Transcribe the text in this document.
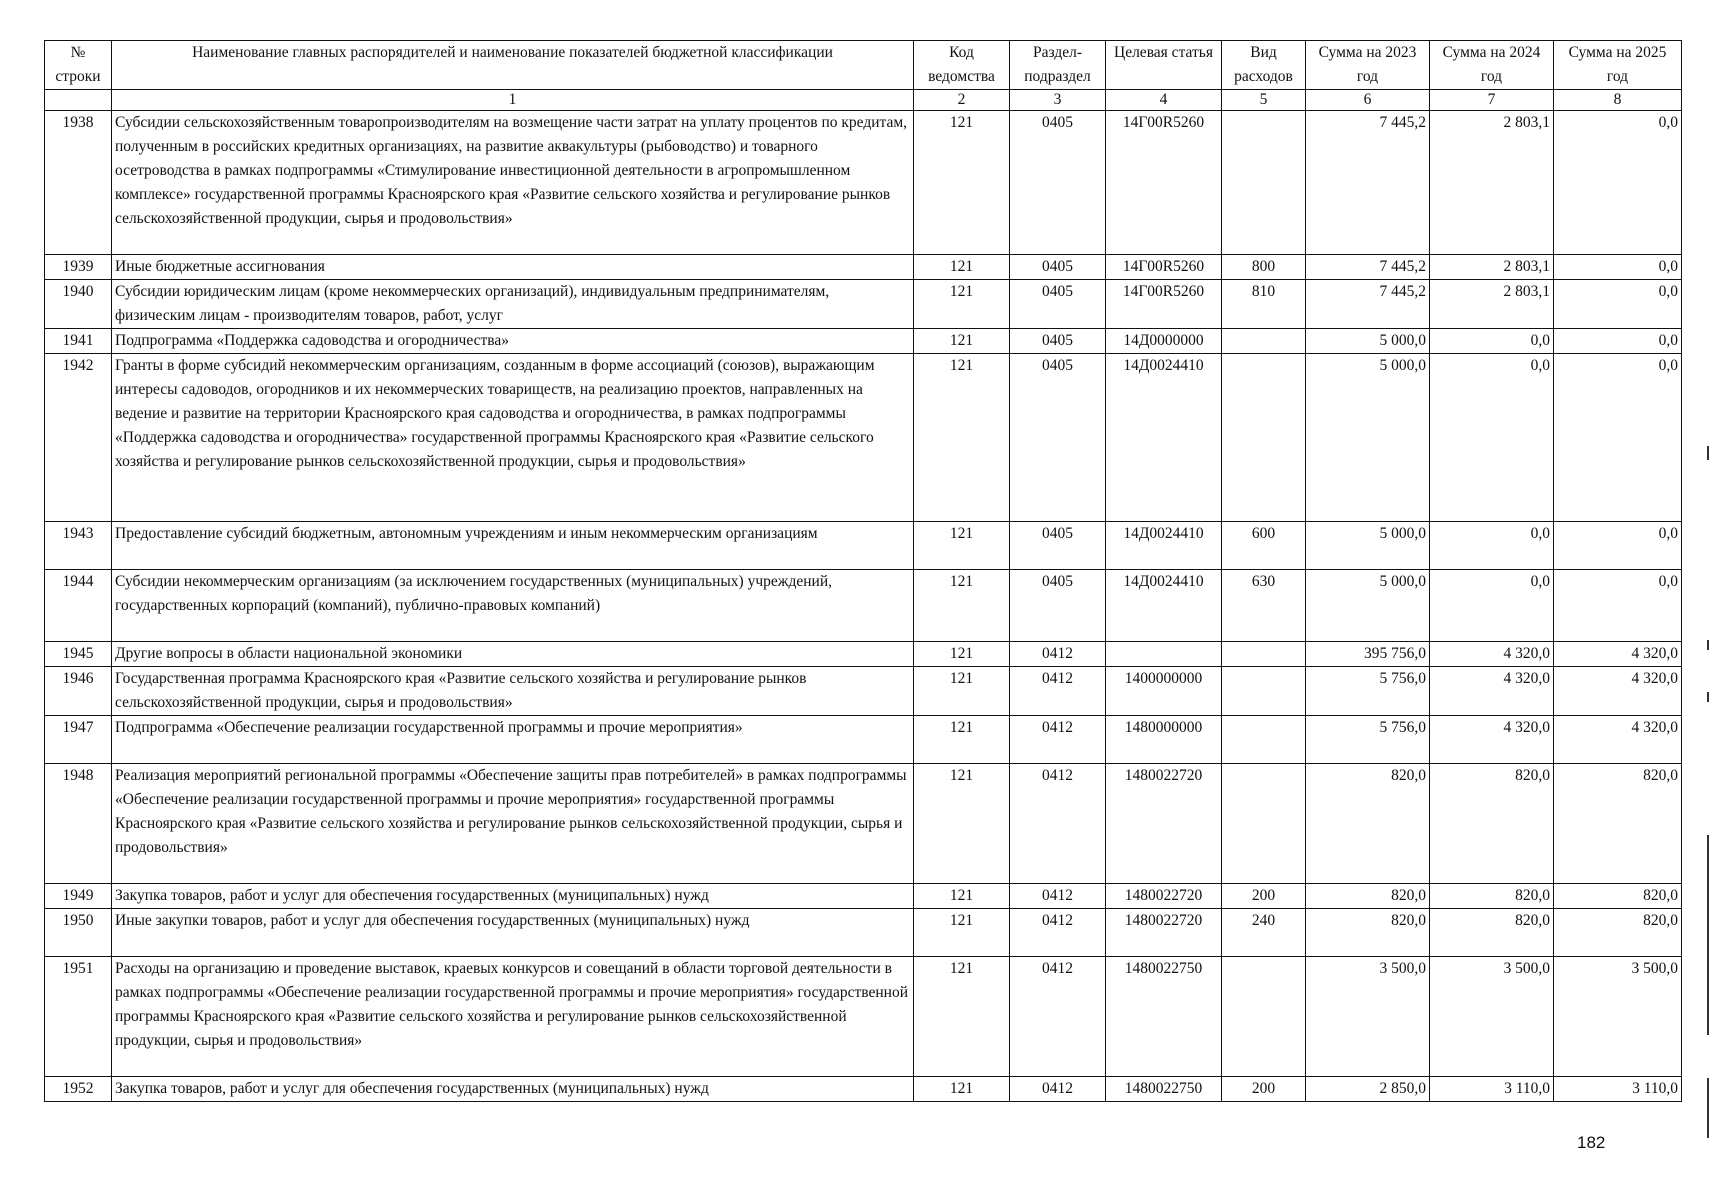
№ строки	Наименование главных распорядителей и наименование показателей бюджетной классификации	Код ведомства	Раздел-подраздел	Целевая статья	Вид расходов	Сумма на 2023 год	Сумма на 2024 год	Сумма на 2025 год
	1	2	3	4	5	6	7	8
1938	Субсидии сельскохозяйственным товаропроизводителям на возмещение части затрат на уплату процентов по кредитам, полученным в российских кредитных организациях, на развитие аквакультуры (рыбоводство) и товарного осетроводства в рамках подпрограммы «Стимулирование инвестиционной деятельности в агропромышленном комплексе» государственной программы Красноярского края «Развитие сельского хозяйства и регулирование рынков сельскохозяйственной продукции, сырья и продовольствия»	121	0405	14Г00R5260		7 445,2	2 803,1	0,0
1939	Иные бюджетные ассигнования	121	0405	14Г00R5260	800	7 445,2	2 803,1	0,0
1940	Субсидии юридическим лицам (кроме некоммерческих организаций), индивидуальным предпринимателям, физическим лицам - производителям товаров, работ, услуг	121	0405	14Г00R5260	810	7 445,2	2 803,1	0,0
1941	Подпрограмма «Поддержка садоводства и огородничества»	121	0405	14Д0000000		5 000,0	0,0	0,0
1942	Гранты в форме субсидий некоммерческим организациям, созданным в форме ассоциаций (союзов), выражающим интересы садоводов, огородников и их некоммерческих товариществ, на реализацию проектов, направленных на ведение и развитие на территории Красноярского края садоводства и огородничества, в рамках подпрограммы «Поддержка садоводства и огородничества» государственной программы Красноярского края «Развитие сельского хозяйства и регулирование рынков сельскохозяйственной продукции, сырья и продовольствия»	121	0405	14Д0024410		5 000,0	0,0	0,0
1943	Предоставление субсидий бюджетным, автономным учреждениям и иным некоммерческим организациям	121	0405	14Д0024410	600	5 000,0	0,0	0,0
1944	Субсидии некоммерческим организациям (за исключением государственных (муниципальных) учреждений, государственных корпораций (компаний), публично-правовых компаний)	121	0405	14Д0024410	630	5 000,0	0,0	0,0
1945	Другие вопросы в области национальной экономики	121	0412			395 756,0	4 320,0	4 320,0
1946	Государственная программа Красноярского края «Развитие сельского хозяйства и регулирование рынков сельскохозяйственной продукции, сырья и продовольствия»	121	0412	1400000000		5 756,0	4 320,0	4 320,0
1947	Подпрограмма «Обеспечение реализации государственной программы и прочие мероприятия»	121	0412	1480000000		5 756,0	4 320,0	4 320,0
1948	Реализация мероприятий региональной программы «Обеспечение защиты прав потребителей» в рамках подпрограммы «Обеспечение реализации государственной программы и прочие мероприятия» государственной программы Красноярского края «Развитие сельского хозяйства и регулирование рынков сельскохозяйственной продукции, сырья и продовольствия»	121	0412	1480022720		820,0	820,0	820,0
1949	Закупка товаров, работ и услуг для обеспечения государственных (муниципальных) нужд	121	0412	1480022720	200	820,0	820,0	820,0
1950	Иные закупки товаров, работ и услуг для обеспечения государственных (муниципальных) нужд	121	0412	1480022720	240	820,0	820,0	820,0
1951	Расходы на организацию и проведение выставок, краевых конкурсов и совещаний в области торговой деятельности в рамках подпрограммы «Обеспечение реализации государственной программы и прочие мероприятия» государственной программы Красноярского края «Развитие сельского хозяйства и регулирование рынков сельскохозяйственной продукции, сырья и продовольствия»	121	0412	1480022750		3 500,0	3 500,0	3 500,0
1952	Закупка товаров, работ и услуг для обеспечения государственных (муниципальных) нужд	121	0412	1480022750	200	2 850,0	3 110,0	3 110,0
182
